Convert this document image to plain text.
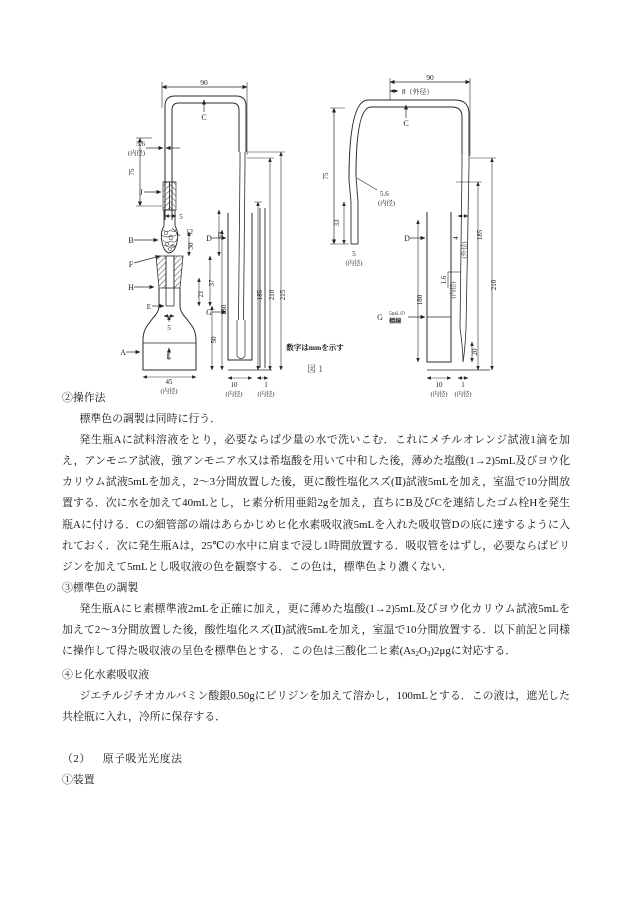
90
C
5.6
(内径)
75
J
B
F
H
A	L
E
D
G
5
12
30
21
37
63
50
5
45
(内径)
180
185 210 215
10
(内径)
1
(内径)
90
8（外径）
C
5.6
(内径)
75
33
5
(内径)
D
G 5mLの
標線
180
185
210
4
(外径)
1.6
(内径)
20
10
(内径)
1
(内径)
数字はmmを示す
図 1

②操作法

標準色の調製は同時に行う．

発生瓶Aに試料溶液をとり，必要ならば少量の水で洗いこむ．これにメチルオレンジ試液1滴を加え，アンモニア試液，強アンモニア水又は希塩酸を用いて中和した後，薄めた塩酸(1→2)5mL及びヨウ化カリウム試液5mLを加え，2〜3分間放置した後，更に酸性塩化スズ(Ⅱ)試液5mLを加え，室温で10分間放置する．次に水を加えて40mLとし，ヒ素分析用亜鉛2gを加え，直ちにB及びCを連結したゴム栓Hを発生瓶Aに付ける．Cの細管部の端はあらかじめヒ化水素吸収液5mLを入れた吸収管Dの底に達するように入れておく．次に発生瓶Aは，25℃の水中に肩まで浸し1時間放置する．吸収管をはずし，必要ならばピリジンを加えて5mLとし吸収液の色を観察する．この色は，標準色より濃くない．

③標準色の調製

発生瓶Aにヒ素標準液2mLを正確に加え，更に薄めた塩酸(1→2)5mL及びヨウ化カリウム試液5mLを加えて2〜3分間放置した後，酸性塩化スズ(Ⅱ)試液5mLを加え，室温で10分間放置する．以下前記と同様に操作して得た吸収液の呈色を標準色とする．この色は三酸化二ヒ素$(As_2O_3)2\mu g$に対応する．

④ヒ化水素吸収液

ジエチルジチオカルバミン酸銀0.50gにピリジンを加えて溶かし，100mLとする．この液は，遮光した共栓瓶に入れ，冷所に保存する．

（2） 原子吸光光度法

①装置
